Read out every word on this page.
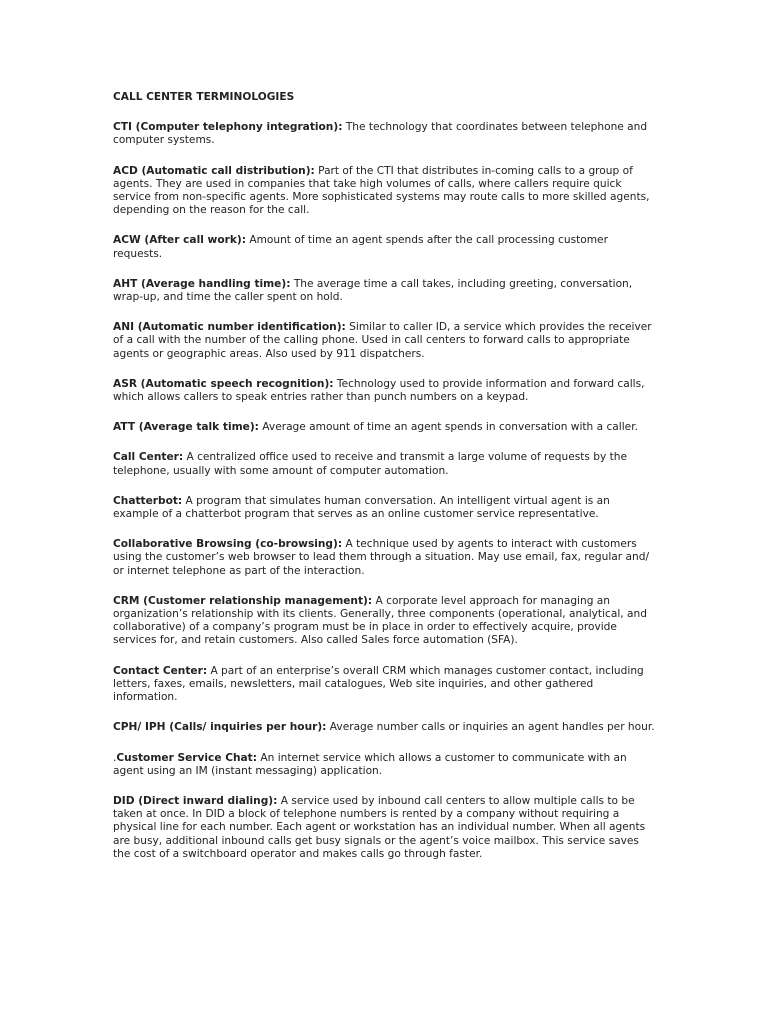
CALL CENTER TERMINOLOGIES
CTI (Computer telephony integration): The technology that coordinates between telephone and computer systems.
ACD (Automatic call distribution): Part of the CTI that distributes in-coming calls to a group of agents. They are used in companies that take high volumes of calls, where callers require quick service from non-specific agents. More sophisticated systems may route calls to more skilled agents, depending on the reason for the call.
ACW (After call work): Amount of time an agent spends after the call processing customer requests.
AHT (Average handling time): The average time a call takes, including greeting, conversation, wrap-up, and time the caller spent on hold.
ANI (Automatic number identification): Similar to caller ID, a service which provides the receiver of a call with the number of the calling phone. Used in call centers to forward calls to appropriate agents or geographic areas. Also used by 911 dispatchers.
ASR (Automatic speech recognition): Technology used to provide information and forward calls, which allows callers to speak entries rather than punch numbers on a keypad.
ATT (Average talk time): Average amount of time an agent spends in conversation with a caller.
Call Center: A centralized office used to receive and transmit a large volume of requests by the telephone, usually with some amount of computer automation.
Chatterbot: A program that simulates human conversation. An intelligent virtual agent is an example of a chatterbot program that serves as an online customer service representative.
Collaborative Browsing (co-browsing): A technique used by agents to interact with customers using the customer’s web browser to lead them through a situation. May use email, fax, regular and/ or internet telephone as part of the interaction.
CRM (Customer relationship management): A corporate level approach for managing an organization’s relationship with its clients. Generally, three components (operational, analytical, and collaborative) of a company’s program must be in place in order to effectively acquire, provide services for, and retain customers. Also called Sales force automation (SFA).
Contact Center: A part of an enterprise’s overall CRM which manages customer contact, including letters, faxes, emails, newsletters, mail catalogues, Web site inquiries, and other gathered information.
CPH/ IPH (Calls/ inquiries per hour): Average number calls or inquiries an agent handles per hour.
.Customer Service Chat: An internet service which allows a customer to communicate with an agent using an IM (instant messaging) application.
DID (Direct inward dialing): A service used by inbound call centers to allow multiple calls to be taken at once. In DID a block of telephone numbers is rented by a company without requiring a physical line for each number. Each agent or workstation has an individual number. When all agents are busy, additional inbound calls get busy signals or the agent’s voice mailbox. This service saves the cost of a switchboard operator and makes calls go through faster.
